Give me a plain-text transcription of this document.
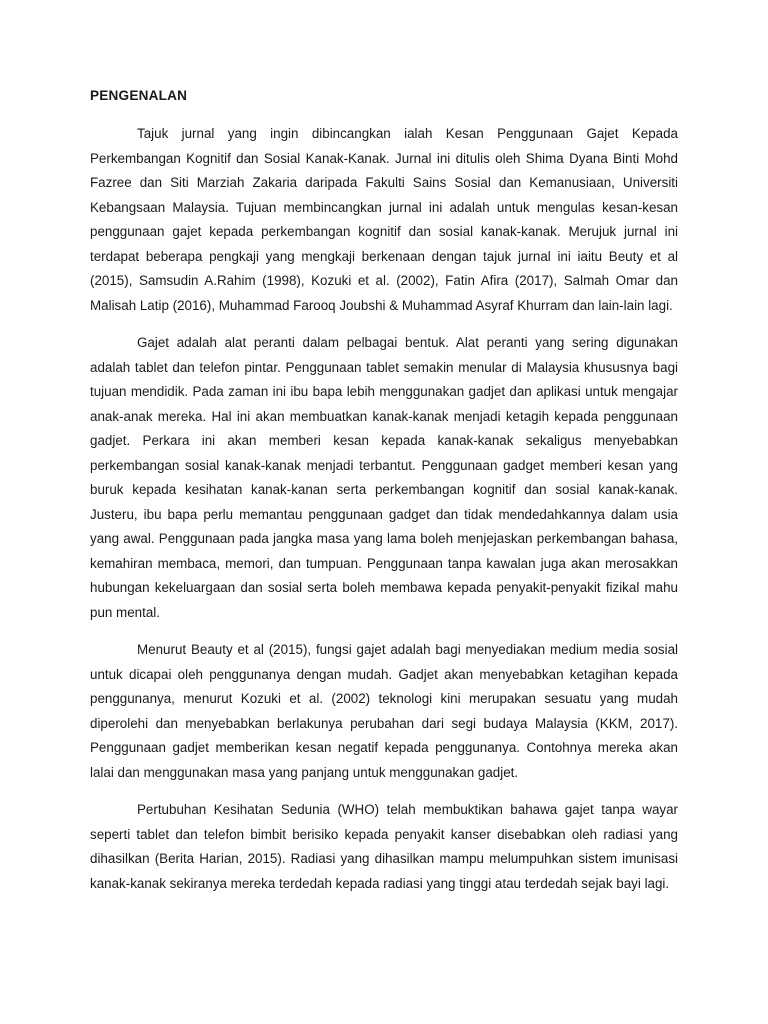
PENGENALAN

Tajuk jurnal yang ingin dibincangkan ialah Kesan Penggunaan Gajet Kepada Perkembangan Kognitif dan Sosial Kanak-Kanak. Jurnal ini ditulis oleh Shima Dyana Binti Mohd Fazree dan Siti Marziah Zakaria daripada Fakulti Sains Sosial dan Kemanusiaan, Universiti Kebangsaan Malaysia. Tujuan membincangkan jurnal ini adalah untuk mengulas kesan-kesan penggunaan gajet kepada perkembangan kognitif dan sosial kanak-kanak. Merujuk jurnal ini terdapat beberapa pengkaji yang mengkaji berkenaan dengan tajuk jurnal ini iaitu Beuty et al (2015), Samsudin A.Rahim (1998), Kozuki et al. (2002), Fatin Afira (2017), Salmah Omar dan Malisah Latip (2016), Muhammad Farooq Joubshi & Muhammad Asyraf Khurram dan lain-lain lagi.

Gajet adalah alat peranti dalam pelbagai bentuk. Alat peranti yang sering digunakan adalah tablet dan telefon pintar. Penggunaan tablet semakin menular di Malaysia khususnya bagi tujuan mendidik. Pada zaman ini ibu bapa lebih menggunakan gadjet dan aplikasi untuk mengajar anak-anak mereka. Hal ini akan membuatkan kanak-kanak menjadi ketagih kepada penggunaan gadjet. Perkara ini akan memberi kesan kepada kanak-kanak sekaligus menyebabkan perkembangan sosial kanak-kanak menjadi terbantut. Penggunaan gadget memberi kesan yang buruk kepada kesihatan kanak-kanan serta perkembangan kognitif dan sosial kanak-kanak. Justeru, ibu bapa perlu memantau penggunaan gadget dan tidak mendedahkannya dalam usia yang awal. Penggunaan pada jangka masa yang lama boleh menjejaskan perkembangan bahasa, kemahiran membaca, memori, dan tumpuan. Penggunaan tanpa kawalan juga akan merosakkan hubungan kekeluargaan dan sosial serta boleh membawa kepada penyakit-penyakit fizikal mahu pun mental.

Menurut Beauty et al (2015), fungsi gajet adalah bagi menyediakan medium media sosial untuk dicapai oleh penggunanya dengan mudah. Gadjet akan menyebabkan ketagihan kepada penggunanya, menurut Kozuki et al. (2002) teknologi kini merupakan sesuatu yang mudah diperolehi dan menyebabkan berlakunya perubahan dari segi budaya Malaysia (KKM, 2017). Penggunaan gadjet memberikan kesan negatif kepada penggunanya. Contohnya mereka akan lalai dan menggunakan masa yang panjang untuk menggunakan gadjet.

Pertubuhan Kesihatan Sedunia (WHO) telah membuktikan bahawa gajet tanpa wayar seperti tablet dan telefon bimbit berisiko kepada penyakit kanser disebabkan oleh radiasi yang dihasilkan (Berita Harian, 2015). Radiasi yang dihasilkan mampu melumpuhkan sistem imunisasi kanak-kanak sekiranya mereka terdedah kepada radiasi yang tinggi atau terdedah sejak bayi lagi.
